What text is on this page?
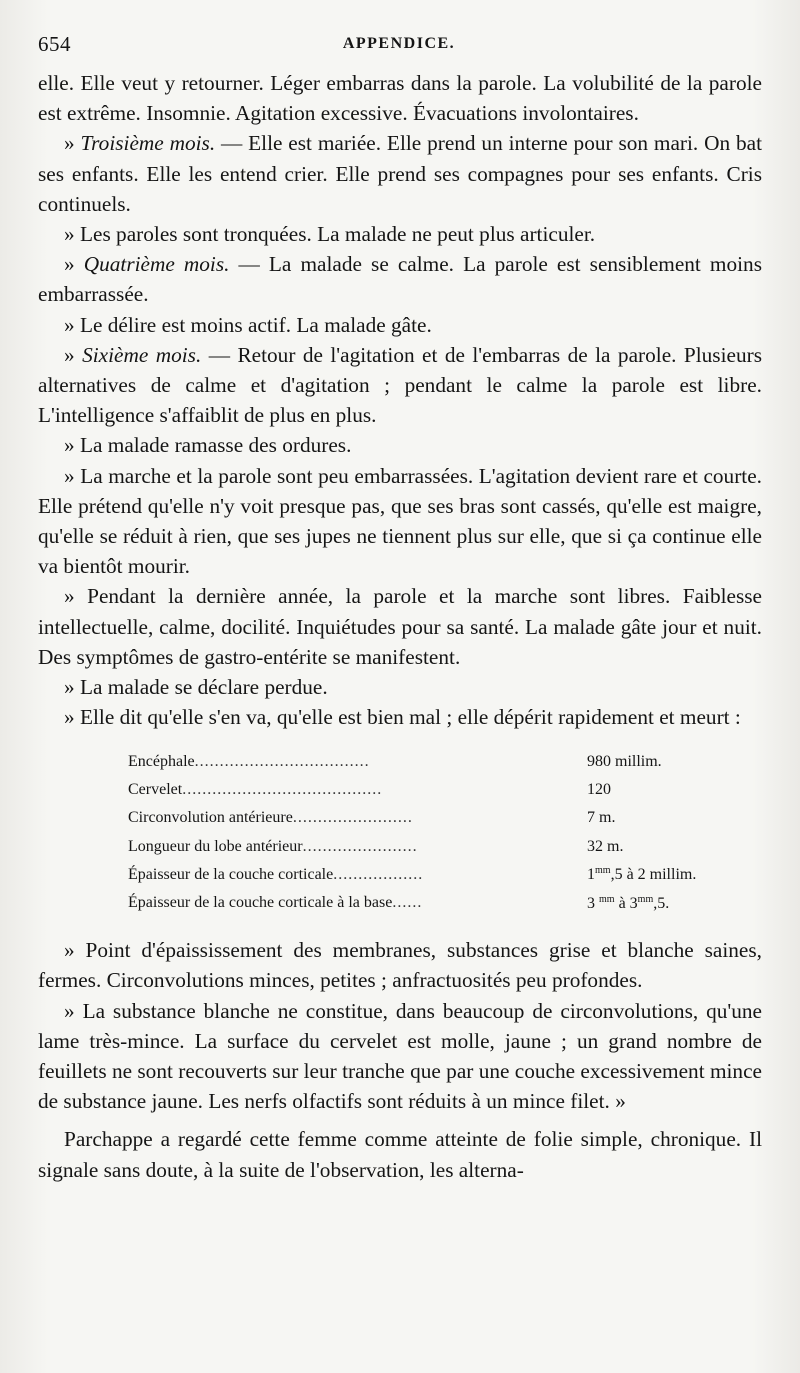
654	APPENDICE.

elle. Elle veut y retourner. Léger embarras dans la parole. La volubilité de la parole est extrême. Insomnie. Agitation excessive. Évacuations involontaires.

» Troisième mois. — Elle est mariée. Elle prend un interne pour son mari. On bat ses enfants. Elle les entend crier. Elle prend ses compagnes pour ses enfants. Cris continuels.

» Les paroles sont tronquées. La malade ne peut plus articuler.

» Quatrième mois. — La malade se calme. La parole est sensiblement moins embarrassée.

» Le délire est moins actif. La malade gâte.

» Sixième mois. — Retour de l'agitation et de l'embarras de la parole. Plusieurs alternatives de calme et d'agitation ; pendant le calme la parole est libre. L'intelligence s'affaiblit de plus en plus.

» La malade ramasse des ordures.

» La marche et la parole sont peu embarrassées. L'agitation devient rare et courte. Elle prétend qu'elle n'y voit presque pas, que ses bras sont cassés, qu'elle est maigre, qu'elle se réduit à rien, que ses jupes ne tiennent plus sur elle, que si ça continue elle va bientôt mourir.

» Pendant la dernière année, la parole et la marche sont libres. Faiblesse intellectuelle, calme, docilité. Inquiétudes pour sa santé. La malade gâte jour et nuit. Des symptômes de gastro-entérite se manifestent.

» La malade se déclare perdue.

» Elle dit qu'elle s'en va, qu'elle est bien mal ; elle dépérit rapidement et meurt :

Encéphale...................................	980 millim.
Cervelet........................................	120
Circonvolution antérieure........................	7 m.
Longueur du lobe antérieur.......................	32 m.
Épaisseur de la couche corticale..................	$1^{mm},5$ à 2 millim.
Épaisseur de la couche corticale à la base......	3 $^{mm}$ à $3^{mm},5$.

» Point d'épaississement des membranes, substances grise et blanche saines, fermes. Circonvolutions minces, petites ; anfractuosités peu profondes.

» La substance blanche ne constitue, dans beaucoup de circonvolutions, qu'une lame très-mince. La surface du cervelet est molle, jaune ; un grand nombre de feuillets ne sont recouverts sur leur tranche que par une couche excessivement mince de substance jaune. Les nerfs olfactifs sont réduits à un mince filet. »

Parchappe a regardé cette femme comme atteinte de folie simple, chronique. Il signale sans doute, à la suite de l'observation, les alterna-
